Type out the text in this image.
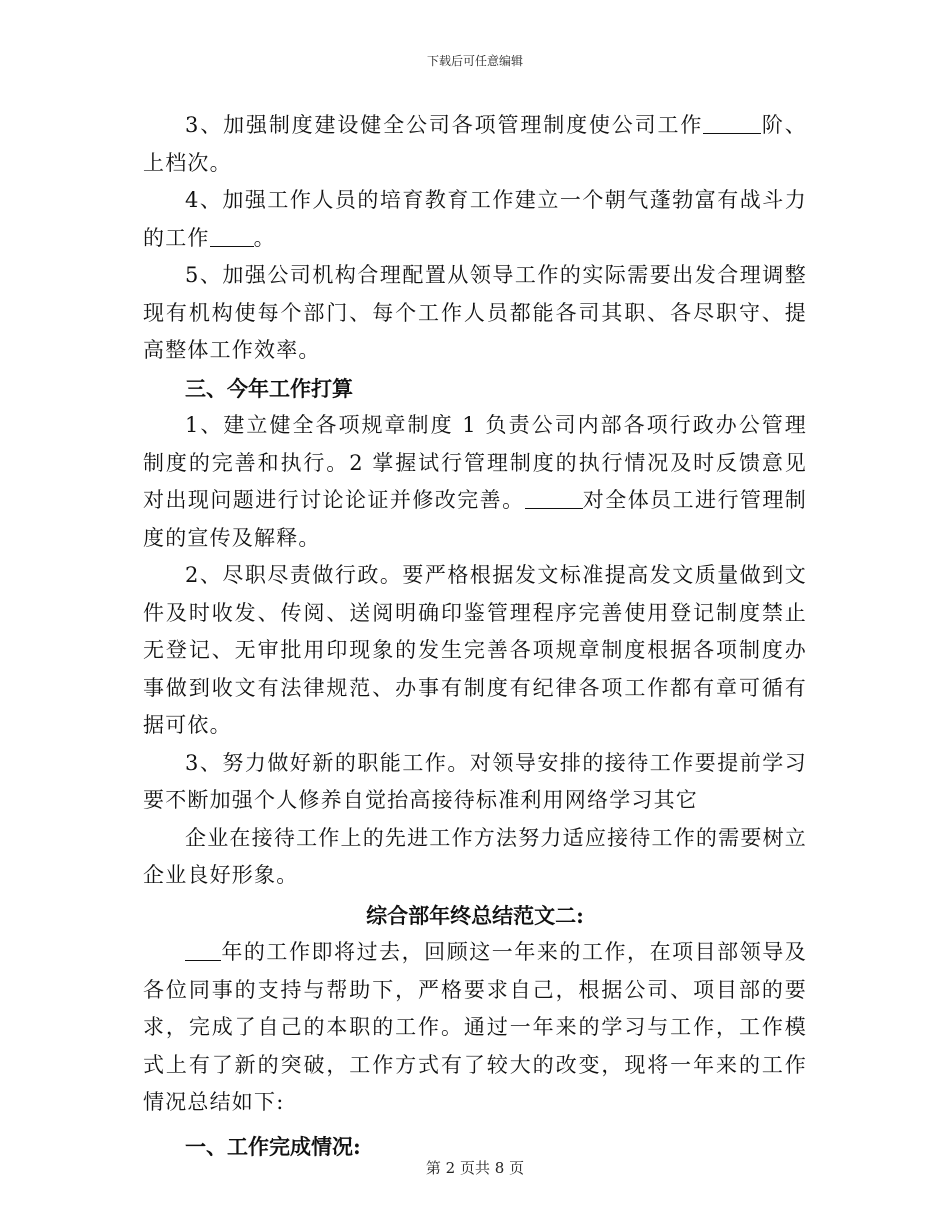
下载后可任意编辑

3、加强制度建设健全公司各项管理制度使公司工作	阶、上档次。

4、加强工作人员的培育教育工作建立一个朝气蓬勃富有战斗力的工作 。

5、加强公司机构合理配置从领导工作的实际需要出发合理调整现有机构使每个部门、每个工作人员都能各司其职、各尽职守、提高整体工作效率。

三、今年工作打算

1、建立健全各项规章制度 1 负责公司内部各项行政办公管理制度的完善和执行。2 掌握试行管理制度的执行情况及时反馈意见对出现问题进行讨论论证并修改完善。	对全体员工进行管理制度的宣传及解释。

2、尽职尽责做行政。要严格根据发文标准提高发文质量做到文件及时收发、传阅、送阅明确印鉴管理程序完善使用登记制度禁止无登记、无审批用印现象的发生完善各项规章制度根据各项制度办事做到收文有法律规范、办事有制度有纪律各项工作都有章可循有据可依。

3、努力做好新的职能工作。对领导安排的接待工作要提前学习要不断加强个人修养自觉抬高接待标准利用网络学习其它

企业在接待工作上的先进工作方法努力适应接待工作的需要树立企业良好形象。

综合部年终总结范文二:

年的工作即将过去，回顾这一年来的工作，在项目部领导及各位同事的支持与帮助下，严格要求自己，根据公司、项目部的要求，完成了自己的本职的工作。通过一年来的学习与工作，工作模式上有了新的突破，工作方式有了较大的改变，现将一年来的工作情况总结如下:

一、工作完成情况:

第 2 页共 8 页
